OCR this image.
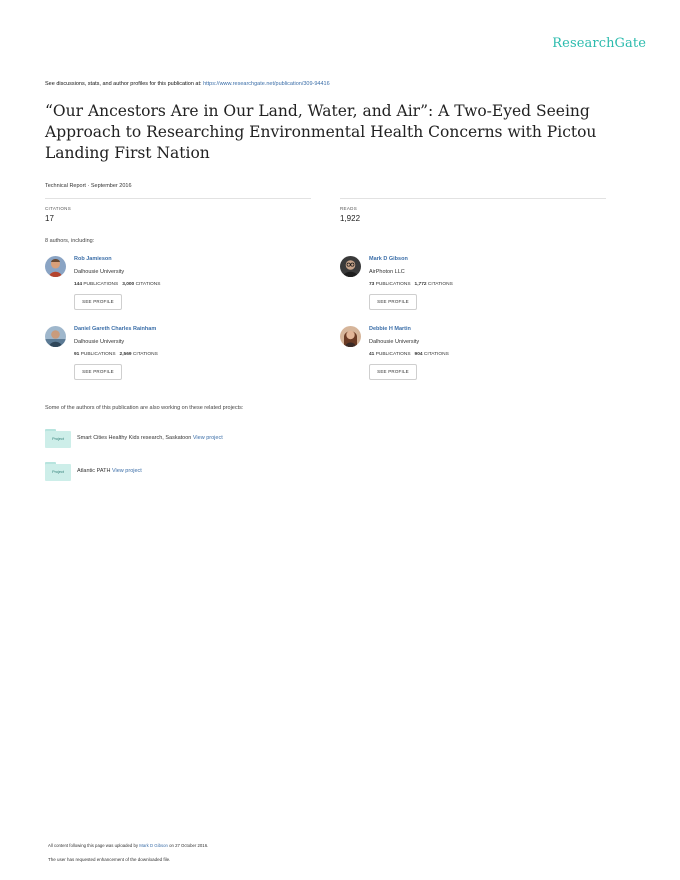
ResearchGate
See discussions, stats, and author profiles for this publication at: https://www.researchgate.net/publication/309-94416
“Our Ancestors Are in Our Land, Water, and Air”: A Two-Eyed Seeing Approach to Researching Environmental Health Concerns with Pictou Landing First Nation
Technical Report · September 2016
CITATIONS
17
READS
1,922
8 authors, including:
Rob Jamieson
Dalhousie University
144 PUBLICATIONS 3,000 CITATIONS
SEE PROFILE
Mark D Gibson
AirPhoton LLC
73 PUBLICATIONS 1,772 CITATIONS
SEE PROFILE
Daniel Gareth Charles Rainham
Dalhousie University
91 PUBLICATIONS 2,569 CITATIONS
SEE PROFILE
Debbie H Martin
Dalhousie University
41 PUBLICATIONS 904 CITATIONS
SEE PROFILE
Some of the authors of this publication are also working on these related projects:
Project	Smart Cities Healthy Kids research, Saskatoon View project
Project	Atlantic PATH View project
All content following this page was uploaded by Mark D Gibson on 27 October 2016.
The user has requested enhancement of the downloaded file.
